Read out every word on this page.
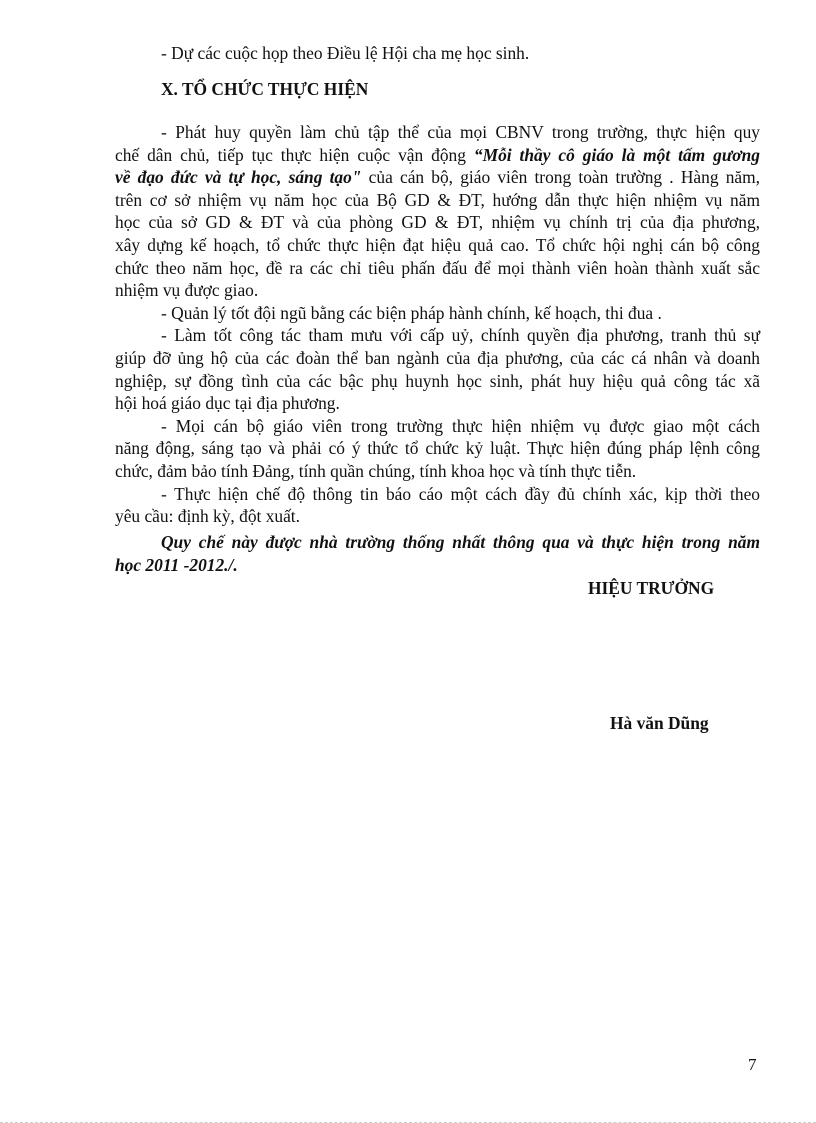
- Dự các cuộc họp theo Điều lệ Hội cha mẹ học sinh.
X. TỔ CHỨC THỰC HIỆN
- Phát huy quyền làm chủ tập thể của mọi CBNV trong trường, thực hiện quy
chế dân chủ, tiếp tục thực hiện cuộc vận động “Mỗi thầy cô giáo là một tấm gương
về đạo đức và tự học, sáng tạo" của cán bộ, giáo viên trong toàn trường . Hàng năm,
trên cơ sở nhiệm vụ năm học của Bộ GD & ĐT, hướng dẫn thực hiện nhiệm vụ năm
học của sở GD & ĐT và của phòng GD & ĐT, nhiệm vụ chính trị của địa phương,
xây dựng kế hoạch, tổ chức thực hiện đạt hiệu quả cao. Tổ chức hội nghị cán bộ công
chức theo năm học, đề ra các chỉ tiêu phấn đấu để mọi thành viên hoàn thành xuất sắc
nhiệm vụ được giao.
- Quản lý tốt đội ngũ bằng các biện pháp hành chính, kế hoạch, thi đua .
- Làm tốt công tác tham mưu với cấp uỷ, chính quyền địa phương, tranh thủ sự
giúp đỡ ủng hộ của các đoàn thể ban ngành của địa phương, của các cá nhân và doanh
nghiệp, sự đồng tình của các bậc phụ huynh học sinh, phát huy hiệu quả công tác xã
hội hoá giáo dục tại địa phương.
- Mọi cán bộ giáo viên trong trường thực hiện nhiệm vụ được giao một cách
năng động, sáng tạo và phải có ý thức tổ chức kỷ luật. Thực hiện đúng pháp lệnh công
chức, đảm bảo tính Đảng, tính quần chúng, tính khoa học và tính thực tiễn.
- Thực hiện chế độ thông tin báo cáo một cách đầy đủ chính xác, kịp thời theo
yêu cầu: định kỳ, đột xuất.
Quy chế này được nhà trường thống nhất thông qua và thực hiện trong năm
học 2011 -2012./.
HIỆU TRƯỞNG
Hà văn Dũng
7
